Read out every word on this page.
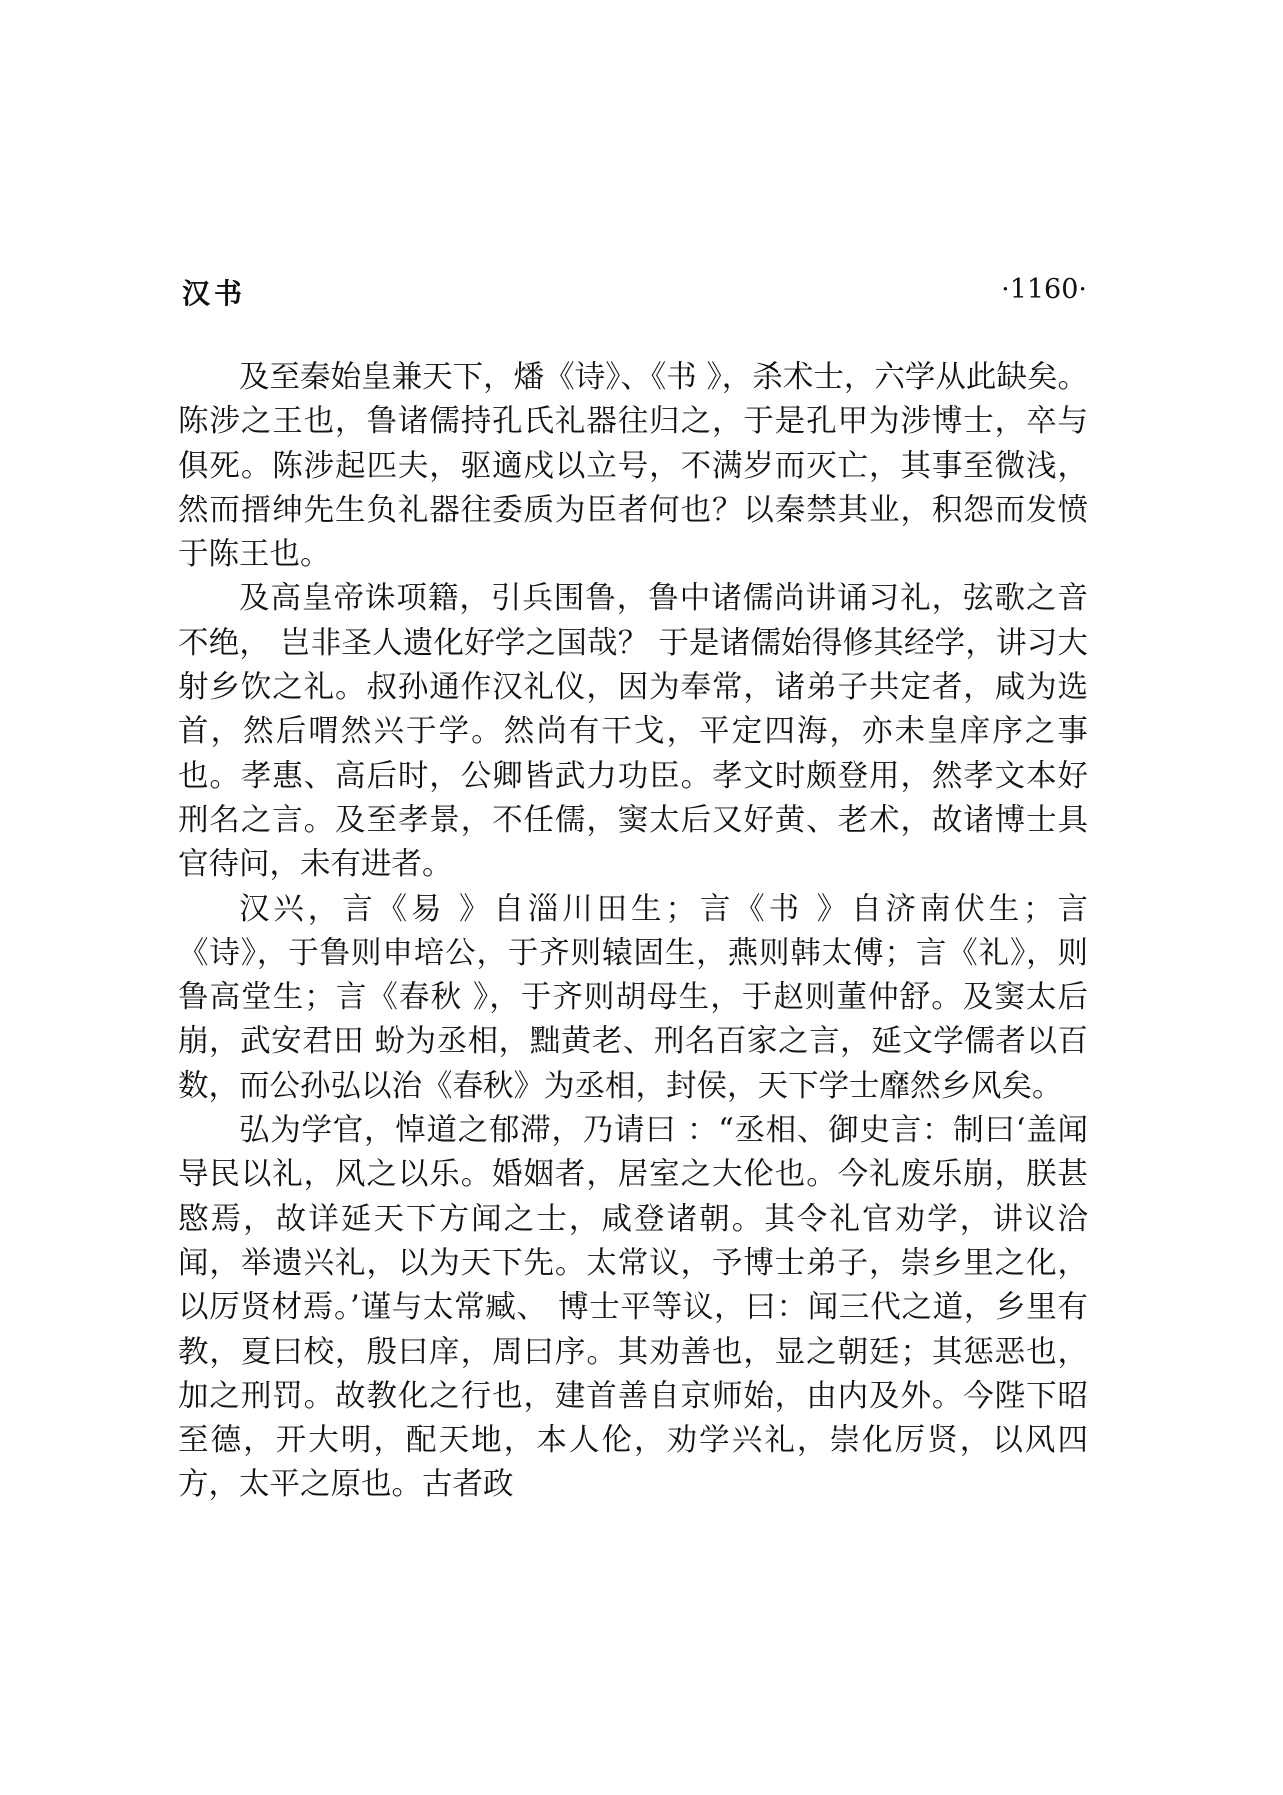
汉书	·1160·

及至秦始皇兼天下，燔《诗》、《书 》，杀术士，六学从此缺矣。陈涉之王也，鲁诸儒持孔氏礼器往归之，于是孔甲为涉博士，卒与俱死。陈涉起匹夫，驱適戍以立号，不满岁而灭亡，其事至微浅，然而搢绅先生负礼器往委质为臣者何也？以秦禁其业，积怨而发愤于陈王也。

及高皇帝诛项籍，引兵围鲁，鲁中诸儒尚讲诵习礼，弦歌之音不绝， 岂非圣人遗化好学之国哉？ 于是诸儒始得修其经学，讲习大射乡饮之礼。叔孙通作汉礼仪，因为奉常，诸弟子共定者，咸为选首，然后喟然兴于学。然尚有干戈，平定四海，亦未皇庠序之事也。孝惠、高后时，公卿皆武力功臣。孝文时颇登用，然孝文本好刑名之言。及至孝景，不任儒，窦太后又好黄、老术，故诸博士具官待问，未有进者。

汉兴，言《易 》自淄川田生；言《书 》自济南伏生；言《诗》，于鲁则申培公，于齐则辕固生，燕则韩太傅；言《礼》，则鲁高堂生；言《春秋 》，于齐则胡母生，于赵则董仲舒。及窦太后崩，武安君田 蚡为丞相，黜黄老、刑名百家之言，延文学儒者以百数，而公孙弘以治《春秋》为丞相，封侯，天下学士靡然乡风矣。

弘为学官，悼道之郁滞，乃请曰 ：“丞相、御史言：制曰‘盖闻导民以礼，风之以乐。婚姻者，居室之大伦也。今礼废乐崩，朕甚愍焉，故详延天下方闻之士，咸登诸朝。其令礼官劝学，讲议洽闻，举遗兴礼，以为天下先。太常议，予博士弟子，崇乡里之化，以厉贤材焉。’谨与太常臧、 博士平等议，曰：闻三代之道，乡里有教，夏曰校，殷曰庠，周曰序。其劝善也，显之朝廷；其惩恶也，加之刑罚。故教化之行也，建首善自京师始，由内及外。今陛下昭至德，开大明，配天地，本人伦，劝学兴礼，崇化厉贤，以风四方，太平之原也。古者政
